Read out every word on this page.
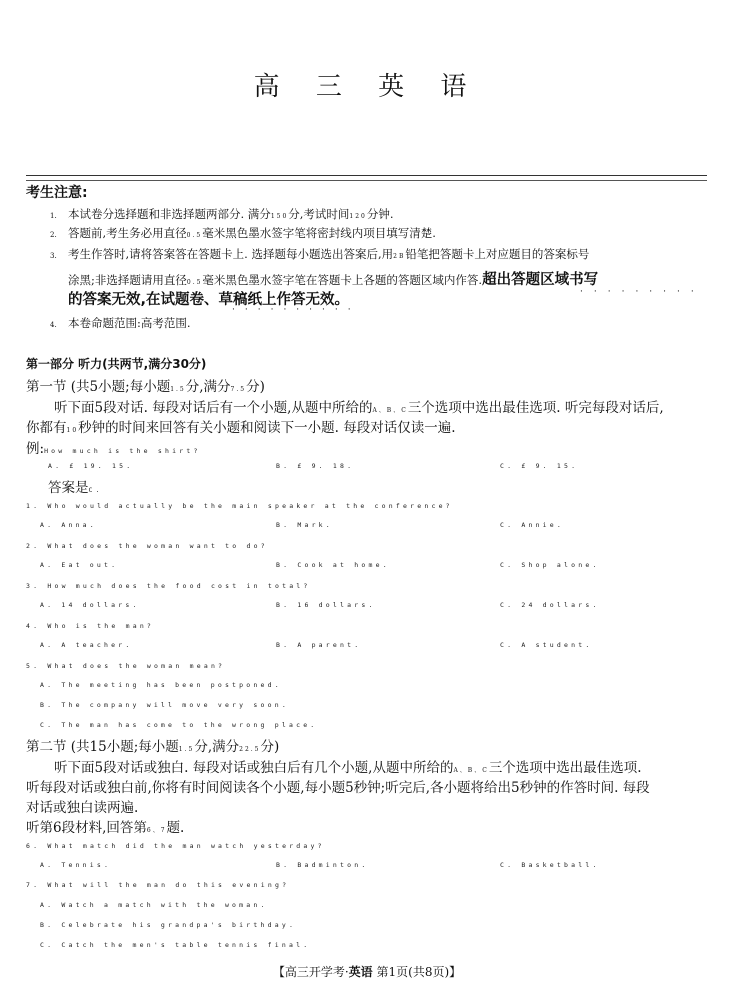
高 三 英 语
考生注意:
1. 本试卷分选择题和非选择题两部分. 满分150分,考试时间120分钟.
2. 答题前,考生务必用直径0.5毫米黑色墨水签字笔将密封线内项目填写清楚.
3. 考生作答时,请将答案答在答题卡上. 选择题每小题选出答案后,用2B铅笔把答题卡上对应题目的答案标号
涂黑;非选择题请用直径0.5毫米黑色墨水签字笔在答题卡上各题的答题区域内作答.超出答题区域书写
的答案无效,在试题卷、草稿纸上作答无效。	·········
··········
4. 本卷命题范围:高考范围.
第一部分 听力(共两节,满分30分)
第一节 (共5小题;每小题1.5分,满分7.5分)
听下面5段对话. 每段对话后有一个小题,从题中所给的A、B、C三个选项中选出最佳选项. 听完每段对话后,
你都有10秒钟的时间来回答有关小题和阅读下一小题. 每段对话仅读一遍.
例:How much is the shirt?
A. £ 19. 15.	B. £ 9. 18.	C. £ 9. 15.
答案是C.
1. Who would actually be the main speaker at the conference?
A. Anna.	B. Mark.	C. Annie.
2. What does the woman want to do?
A. Eat out.	B. Cook at home.	C. Shop alone.
3. How much does the food cost in total?
A. 14 dollars.	B. 16 dollars.	C. 24 dollars.
4. Who is the man?
A. A teacher.	B. A parent.	C. A student.
5. What does the woman mean?
A. The meeting has been postponed.
B. The company will move very soon.
C. The man has come to the wrong place.
第二节 (共15小题;每小题1.5分,满分22.5分)
听下面5段对话或独白. 每段对话或独白后有几个小题,从题中所给的A、B、C三个选项中选出最佳选项.
听每段对话或独白前,你将有时间阅读各个小题,每小题5秒钟;听完后,各小题将给出5秒钟的作答时间. 每段
对话或独白读两遍.
听第6段材料,回答第6、7题.
6. What match did the man watch yesterday?
A. Tennis.	B. Badminton.	C. Basketball.
7. What will the man do this evening?
A. Watch a match with the woman.
B. Celebrate his grandpa's birthday.
C. Catch the men's table tennis final.
【高三开学考·英语 第1页(共8页)】
